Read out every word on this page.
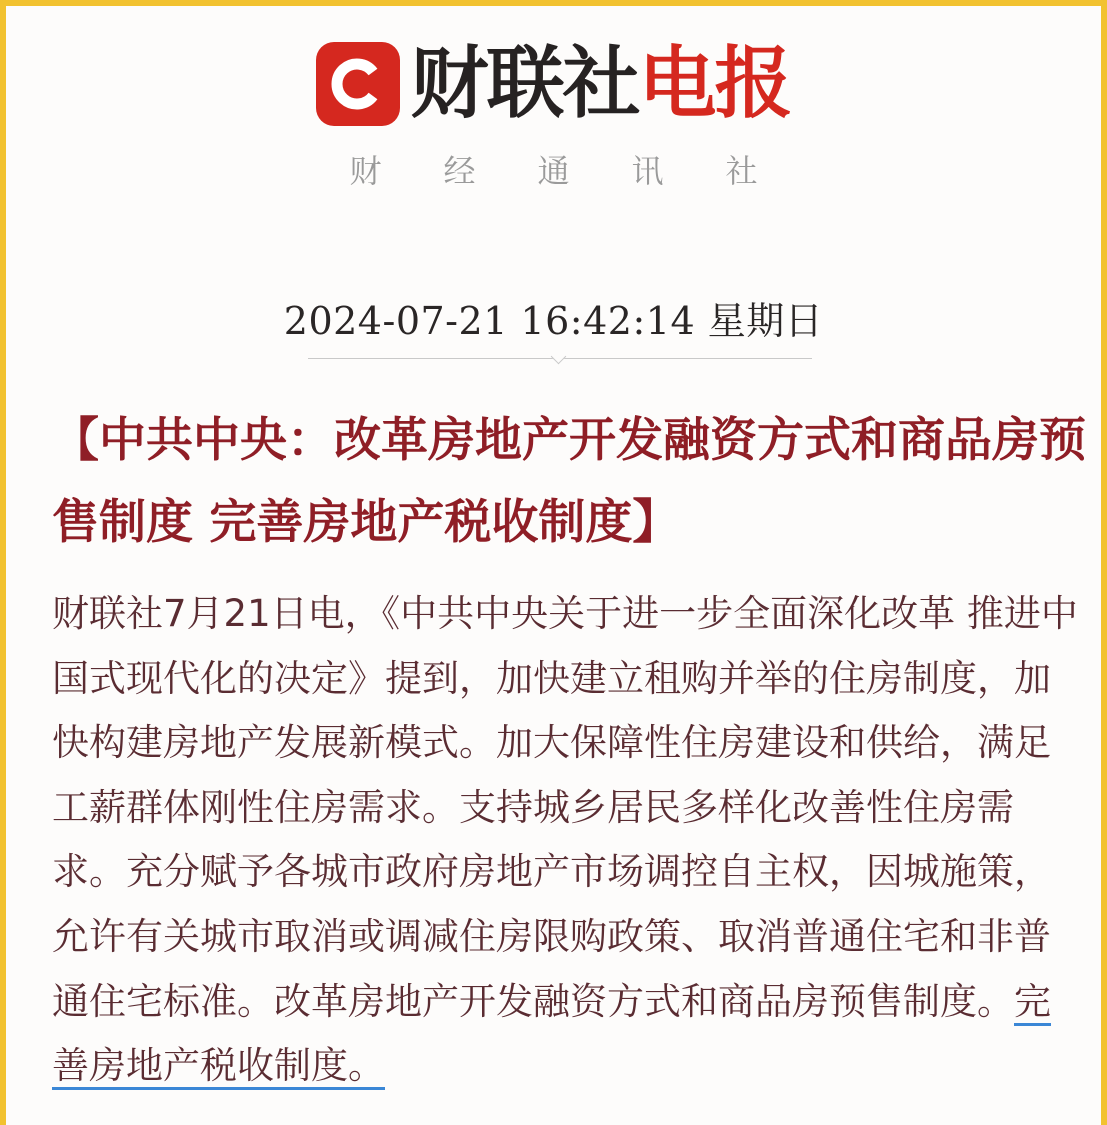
财联社 电报
财经通讯社
2024-07-21 16:42:14 星期日
【中共中央：改革房地产开发融资方式和商品房预售制度 完善房地产税收制度】
财联社7月21日电，《中共中央关于进一步全面深化改革 推进中国式现代化的决定》提到，加快建立租购并举的住房制度，加快构建房地产发展新模式。加大保障性住房建设和供给，满足工薪群体刚性住房需求。支持城乡居民多样化改善性住房需求。充分赋予各城市政府房地产市场调控自主权，因城施策，允许有关城市取消或调减住房限购政策、取消普通住宅和非普通住宅标准。改革房地产开发融资方式和商品房预售制度。完善房地产税收制度。
